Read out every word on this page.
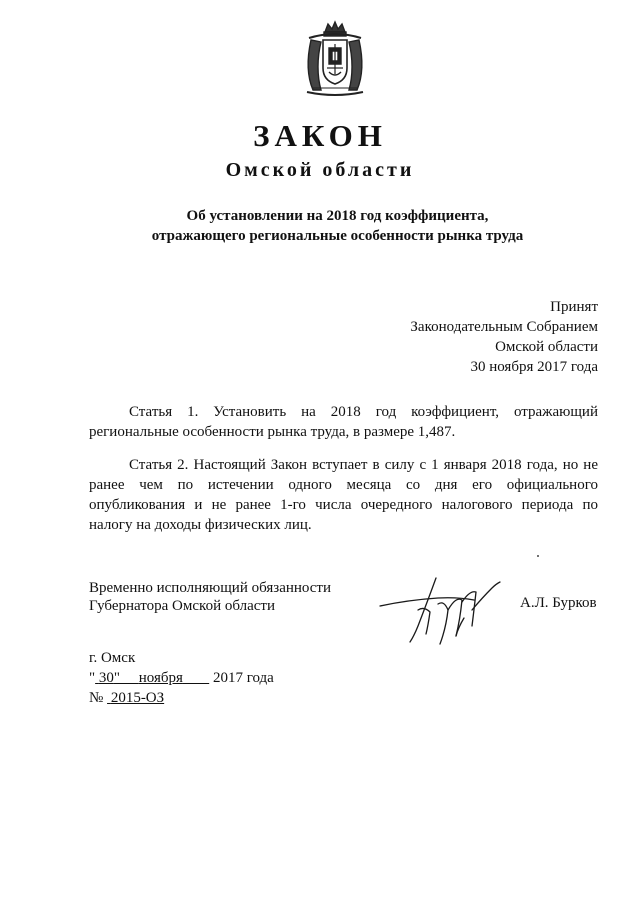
ЗАКОН
Омской области
Об установлении на 2018 год коэффициента,
отражающего региональные особенности рынка труда
Принят
Законодательным Собранием
Омской области
30 ноября 2017 года
Статья 1. Установить на 2018 год коэффициент, отражающий
региональные особенности рынка труда, в размере 1,487.
Статья 2. Настоящий Закон вступает в силу с 1 января 2018 года, но не
ранее чем по истечении одного месяца со дня его официального
опубликования и не ранее 1-го числа очередного налогового периода по
налогу на доходы физических лиц.
Временно исполняющий обязанности
Губернатора Омской области	А.Л. Бурков
г. Омск
" 30" ноября        2017 года
№  2015-ОЗ
